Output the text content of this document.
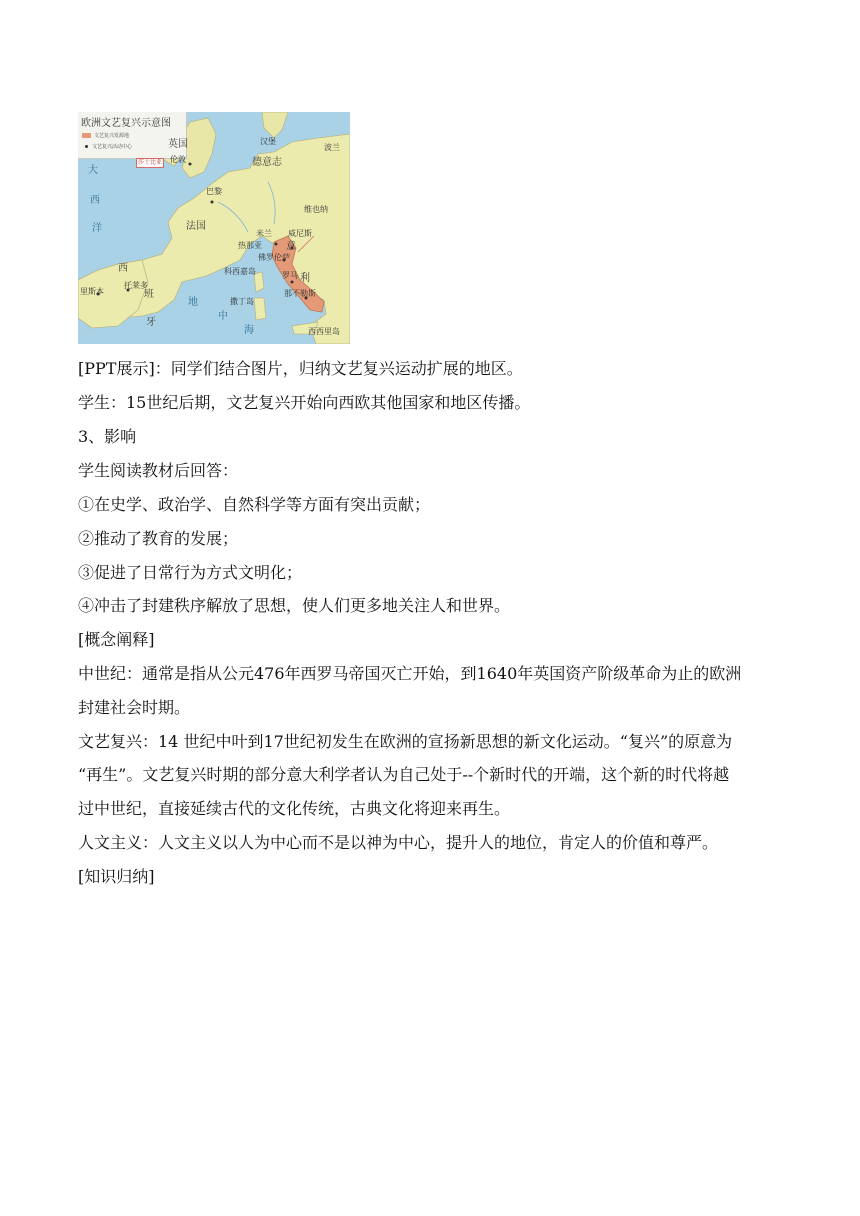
欧洲文艺复兴示意图
文艺复兴发源地
文艺复兴活动中心	英国
伦敦
莎士比亚
汉堡
德意志
波兰
维也纳
巴黎
法国
米兰 威尼斯
热那亚
佛罗伦萨
意
利
罗马
那不勒斯
科西嘉岛
撒丁岛
西西里岛
西
班
牙
托莱多
里斯本
大
西
洋
地
中
海
[PPT展示]：同学们结合图片，归纳文艺复兴运动扩展的地区。
学生：15世纪后期，文艺复兴开始向西欧其他国家和地区传播。
3、影响
学生阅读教材后回答：
①在史学、政治学、自然科学等方面有突出贡献；
②推动了教育的发展；
③促进了日常行为方式文明化；
④冲击了封建秩序解放了思想，使人们更多地关注人和世界。
[概念阐释]
中世纪：通常是指从公元476年西罗马帝国灭亡开始，到1640年英国资产阶级革命为止的欧洲
封建社会时期。
文艺复兴：14 世纪中叶到17世纪初发生在欧洲的宣扬新思想的新文化运动。“复兴”的原意为
“再生”。文艺复兴时期的部分意大利学者认为自己处于--个新时代的开端，这个新的时代将越
过中世纪，直接延续古代的文化传统，古典文化将迎来再生。
人文主义：人文主义以人为中心而不是以神为中心，提升人的地位，肯定人的价值和尊严。
[知识归纳]
